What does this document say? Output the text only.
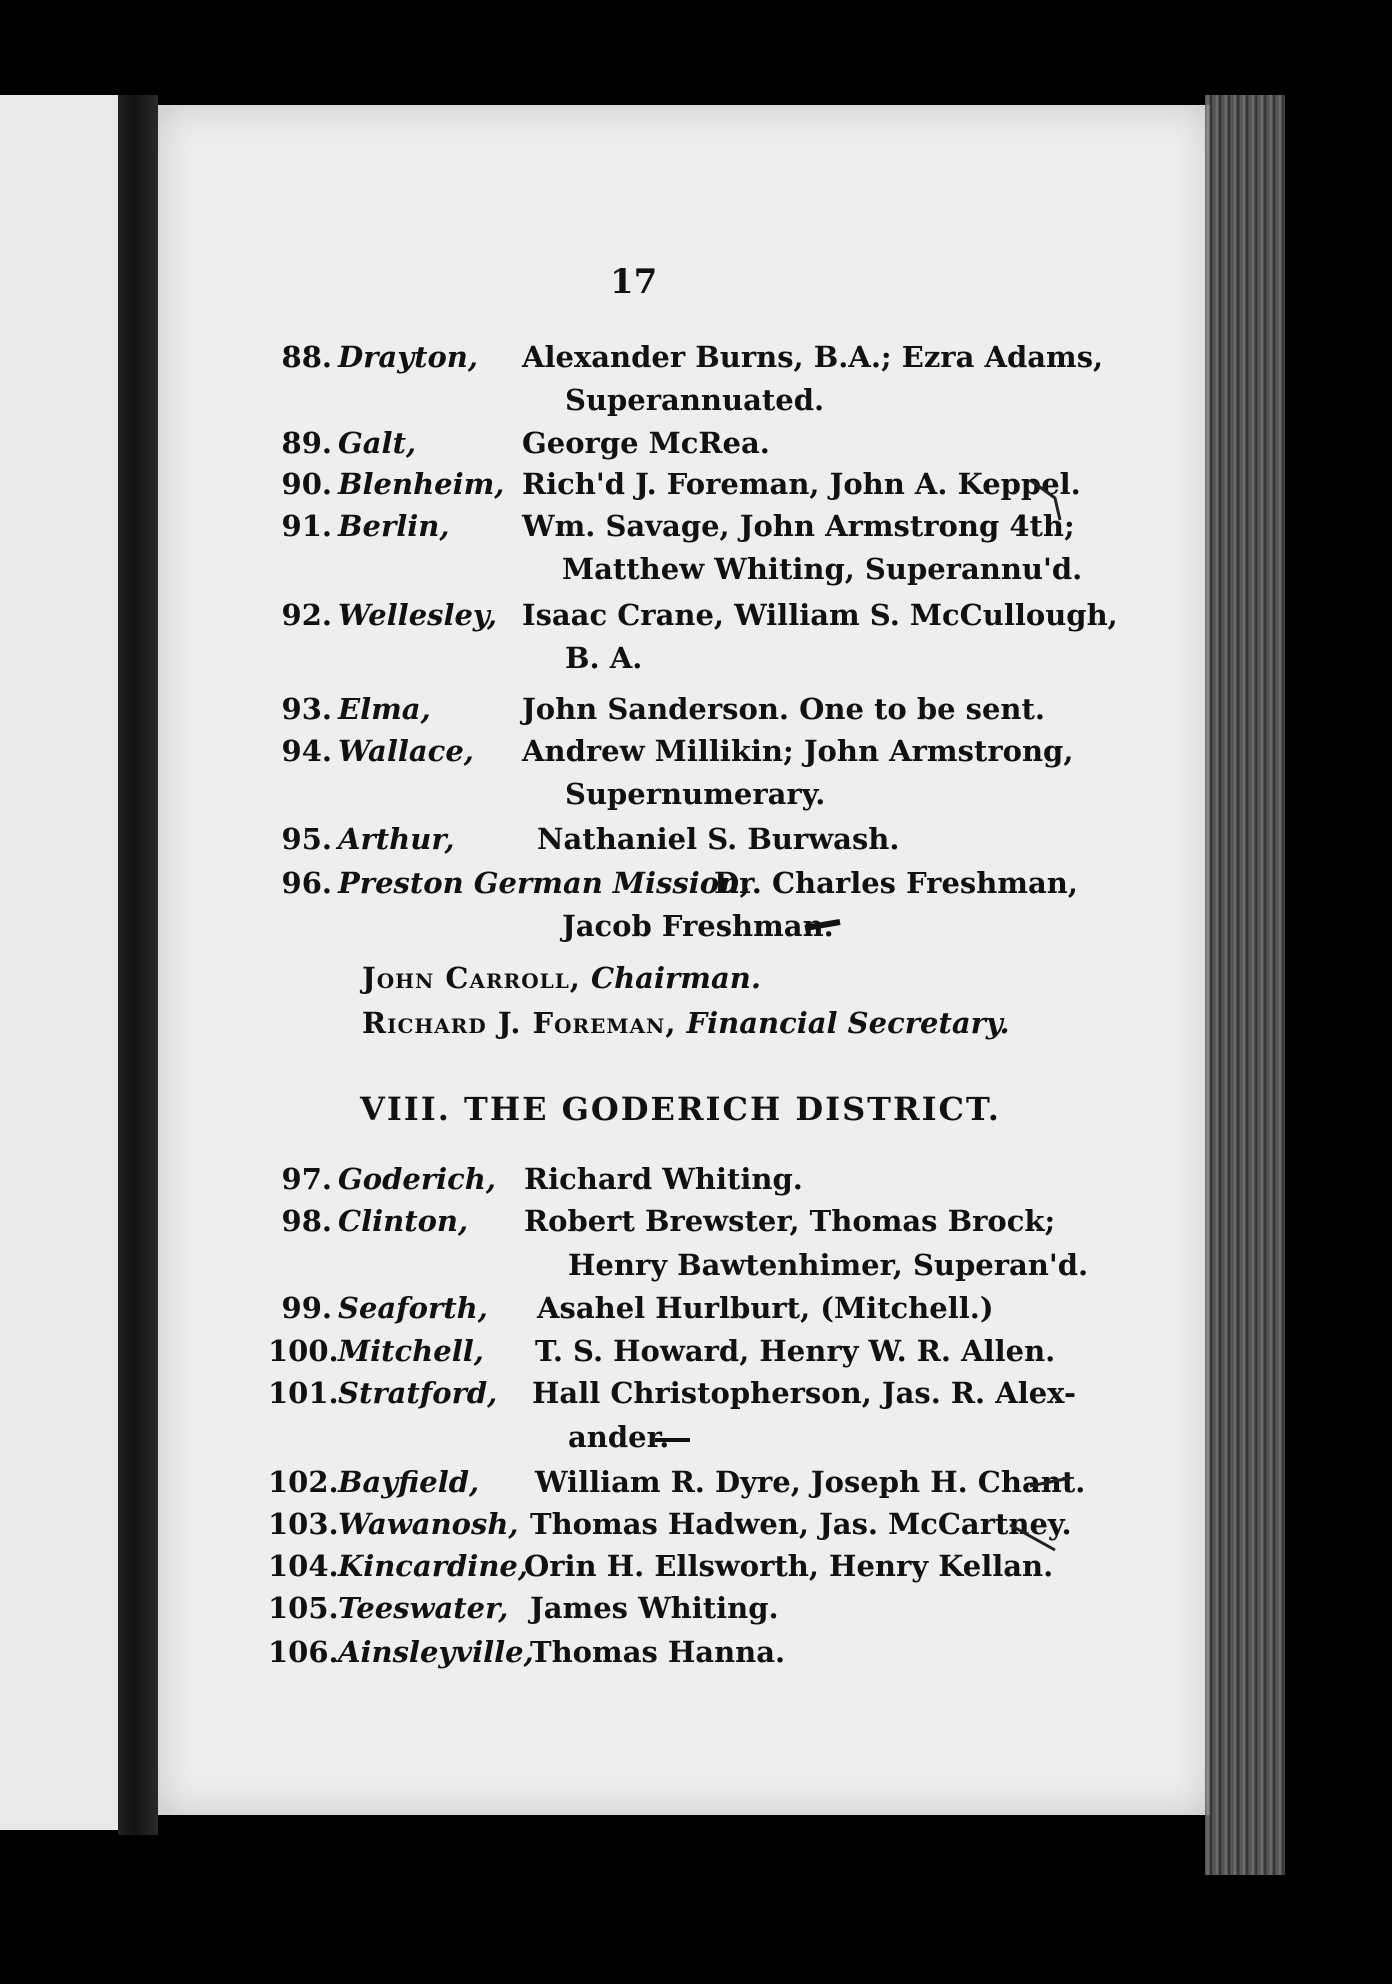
17
88. Drayton, Alexander Burns, B.A.; Ezra Adams,
Superannuated.
89. Galt,	George McRea.
90. Blenheim, Rich'd J. Foreman, John A. Keppel.
91. Berlin,	Wm. Savage, John Armstrong 4th;
Matthew Whiting, Superannu'd.
92. Wellesley, Isaac Crane, William S. McCullough,
B. A.
93. Elma,	John Sanderson. One to be sent.
94. Wallace, Andrew Millikin; John Armstrong,
Supernumerary.
95. Arthur,	Nathaniel S. Burwash.
96. Preston German Mission,
Dr. Charles Freshman,
Jacob Freshman.
John Carroll, Chairman.
Richard J. Foreman, Financial Secretary.
VIII. THE GODERICH DISTRICT.
97. Goderich, Richard Whiting.
98. Clinton, Robert Brewster, Thomas Brock;
Henry Bawtenhimer, Superan'd.
99. Seaforth, Asahel Hurlburt, (Mitchell.)
100. Mitchell, T. S. Howard, Henry W. R. Allen.
101. Stratford, Hall Christopherson, Jas. R. Alex-
ander.
102. Bayfield, William R. Dyre, Joseph H. Chant.
103. Wawanosh, Thomas Hadwen, Jas. McCartney.
104. Kincardine,
Orin H. Ellsworth, Henry Kellan.
105. Teeswater, James Whiting.
106. Ainsleyville,
Thomas Hanna.
